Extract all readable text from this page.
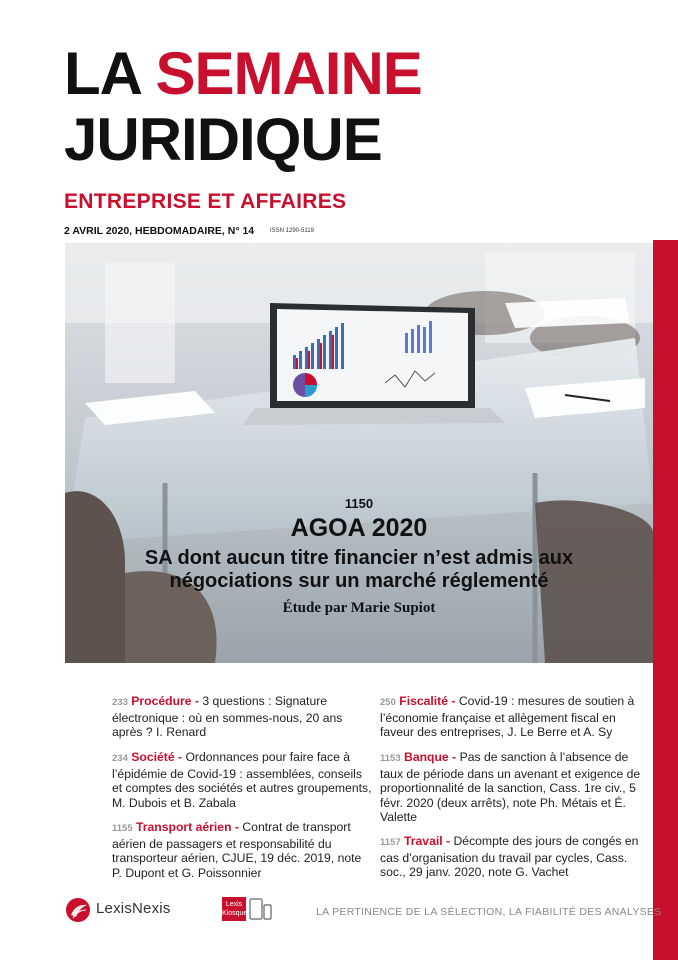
LA SEMAINE
JURIDIQUE
ENTREPRISE ET AFFAIRES
2 AVRIL 2020, HEBDOMADAIRE, N° 14	ISSN 1290-5119
1150
AGOA 2020
SA dont aucun titre financier n’est admis aux
négociations sur un marché réglementé
Étude par Marie Supiot
233 Procédure - 3 questions : Signature électronique : où en sommes-nous, 20 ans après ? I. Renard
234 Société - Ordonnances pour faire face à l’épidémie de Covid-19 : assemblées, conseils et comptes des sociétés et autres groupements, M. Dubois et B. Zabala
1155 Transport aérien - Contrat de transport aérien de passagers et responsabilité du transporteur aérien, CJUE, 19 déc. 2019, note P. Dupont et G. Poissonnier
250 Fiscalité - Covid-19 : mesures de soutien à l’économie française et allègement fiscal en faveur des entreprises, J. Le Berre et A. Sy
1153 Banque - Pas de sanction à l’absence de taux de période dans un avenant et exigence de proportionnalité de la sanction, Cass. 1re civ., 5 févr. 2020 (deux arrêts), note Ph. Métais et É. Valette
1157 Travail - Décompte des jours de congés en cas d’organisation du travail par cycles, Cass. soc., 29 janv. 2020, note G. Vachet
LexisNexis	Lexis
Kiosque	LA PERTINENCE DE LA SÉLECTION, LA FIABILITÉ DES ANALYSES
